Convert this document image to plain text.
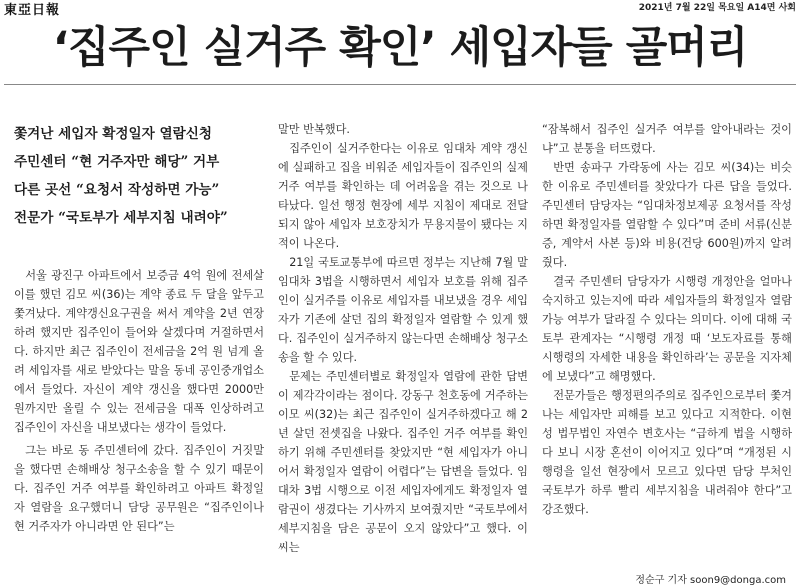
東亞日報	2021년 7월 22일 목요일 A14면 사회
‘집주인 실거주 확인’ 세입자들 골머리

쫓겨난 세입자 확정일자 열람신청

주민센터 “현 거주자만 해당” 거부

다른 곳선 “요청서 작성하면 가능”

전문가 “국토부가 세부지침 내려야”

서울 광진구 아파트에서 보증금 4억 원에 전세살이를 했던 김모 씨(36)는 계약 종료 두 달을 앞두고 쫓겨났다. 계약갱신요구권을 써서 계약을 2년 연장하려 했지만 집주인이 들어와 살겠다며 거절하면서다. 하지만 최근 집주인이 전세금을 2억 원 넘게 올려 세입자를 새로 받았다는 말을 동네 공인중개업소에서 들었다. 자신이 계약 갱신을 했다면 2000만 원까지만 올릴 수 있는 전세금을 대폭 인상하려고 집주인이 자신을 내보냈다는 생각이 들었다.

그는 바로 동 주민센터에 갔다. 집주인이 거짓말을 했다면 손해배상 청구소송을 할 수 있기 때문이다. 집주인 거주 여부를 확인하려고 아파트 확정일자 열람을 요구했더니 담당 공무원은 “집주인이나 현 거주자가 아니라면 안 된다”는

말만 반복했다.

집주인이 실거주한다는 이유로 임대차 계약 갱신에 실패하고 집을 비워준 세입자들이 집주인의 실제 거주 여부를 확인하는 데 어려움을 겪는 것으로 나타났다. 일선 행정 현장에 세부 지침이 제대로 전달되지 않아 세입자 보호장치가 무용지물이 됐다는 지적이 나온다.

21일 국토교통부에 따르면 정부는 지난해 7월 말 임대차 3법을 시행하면서 세입자 보호를 위해 집주인이 실거주를 이유로 세입자를 내보냈을 경우 세입자가 기존에 살던 집의 확정일자 열람할 수 있게 했다. 집주인이 실거주하지 않는다면 손해배상 청구소송을 할 수 있다.

문제는 주민센터별로 확정일자 열람에 관한 답변이 제각각이라는 점이다. 강동구 천호동에 거주하는 이모 씨(32)는 최근 집주인이 실거주하겠다고 해 2년 살던 전셋집을 나왔다. 집주인 거주 여부를 확인하기 위해 주민센터를 찾았지만 “현 세입자가 아니어서 확정일자 열람이 어렵다”는 답변을 들었다. 임대차 3법 시행으로 이전 세입자에게도 확정일자 열람권이 생겼다는 기사까지 보여줬지만 “국토부에서 세부지침을 담은 공문이 오지 않았다”고 했다. 이 씨는

“잠복해서 집주인 실거주 여부를 알아내라는 것이냐”고 분통을 터뜨렸다.

반면 송파구 가락동에 사는 김모 씨(34)는 비슷한 이유로 주민센터를 찾았다가 다른 답을 들었다. 주민센터 담당자는 “임대차정보제공 요청서를 작성하면 확정일자를 열람할 수 있다”며 준비 서류(신분증, 계약서 사본 등)와 비용(건당 600원)까지 알려줬다.

결국 주민센터 담당자가 시행령 개정안을 얼마나 숙지하고 있는지에 따라 세입자들의 확정일자 열람 가능 여부가 달라질 수 있다는 의미다. 이에 대해 국토부 관계자는 “시행령 개정 때 ‘보도자료를 통해 시행령의 자세한 내용을 확인하라’는 공문을 지자체에 보냈다”고 해명했다.

전문가들은 행정편의주의로 집주인으로부터 쫓겨나는 세입자만 피해를 보고 있다고 지적한다. 이현성 법무법인 자연수 변호사는 “급하게 법을 시행하다 보니 시장 혼선이 이어지고 있다”며 “개정된 시행령을 일선 현장에서 모르고 있다면 담당 부처인 국토부가 하루 빨리 세부지침을 내려줘야 한다”고 강조했다.

정순구 기자 soon9@donga.com
